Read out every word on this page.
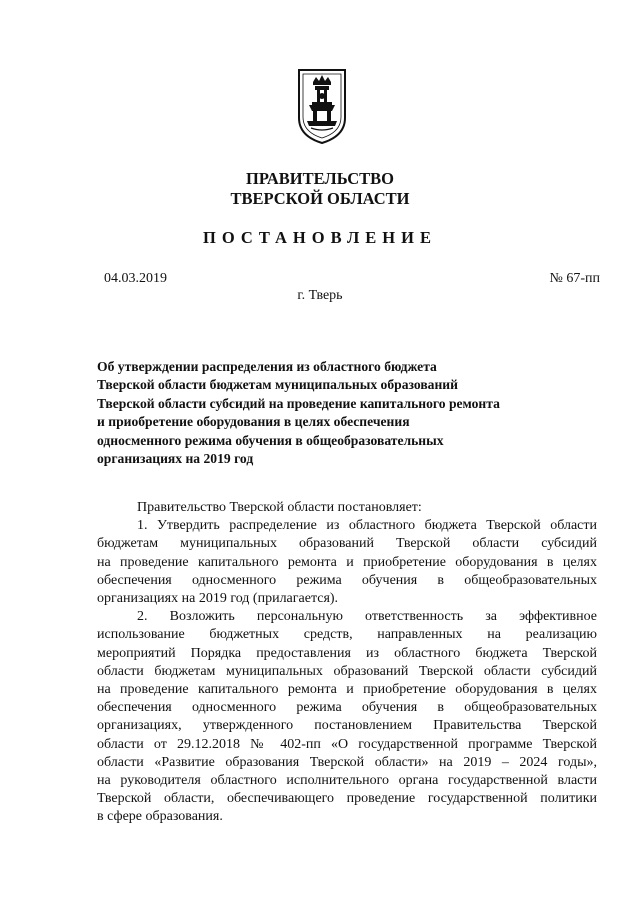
ПРАВИТЕЛЬСТВО
ТВЕРСКОЙ ОБЛАСТИ
ПОСТАНОВЛЕНИЕ
04.03.2019	№ 67-пп
г. Тверь
Об утверждении распределения из областного бюджета
Тверской области бюджетам муниципальных образований
Тверской области субсидий на проведение капитального ремонта
и приобретение оборудования в целях обеспечения
односменного режима обучения в общеобразовательных
организациях на 2019 год
Правительство Тверской области постановляет:
1. Утвердить распределение из областного бюджета Тверской области
бюджетам муниципальных образований Тверской области субсидий
на проведение капитального ремонта и приобретение оборудования в целях
обеспечения односменного режима обучения в общеобразовательных
организациях на 2019 год (прилагается).
2. Возложить персональную ответственность за эффективное
использование бюджетных средств, направленных на реализацию
мероприятий Порядка предоставления из областного бюджета Тверской
области бюджетам муниципальных образований Тверской области субсидий
на проведение капитального ремонта и приобретение оборудования в целях
обеспечения односменного режима обучения в общеобразовательных
организациях, утвержденного постановлением Правительства Тверской
области от 29.12.2018 № 402-пп «О государственной программе Тверской
области «Развитие образования Тверской области» на 2019 – 2024 годы»,
на руководителя областного исполнительного органа государственной власти
Тверской области, обеспечивающего проведение государственной политики
в сфере образования.
